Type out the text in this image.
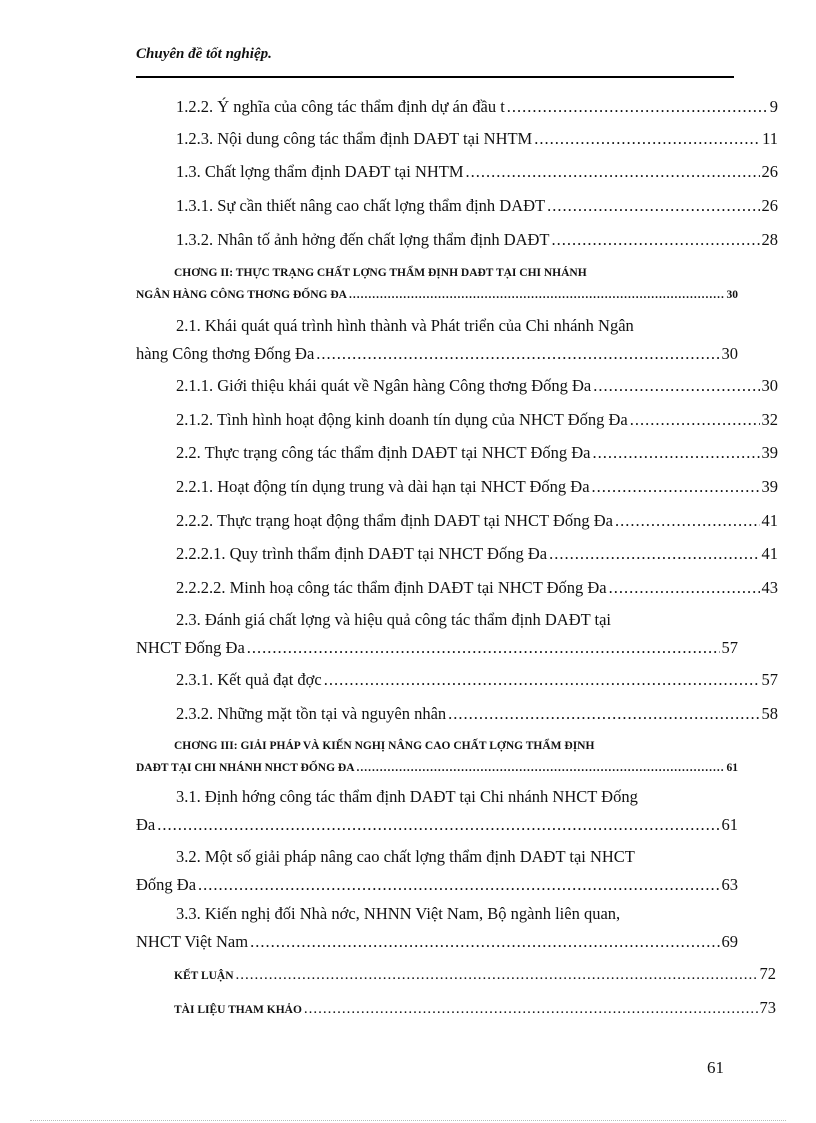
Chuyên đề tốt nghiệp.
1.2.2. Ý nghĩa của công tác thẩm định dự án đầu t .....	9
1.2.3. Nội dung công tác thẩm định DAĐT tại NHTM .....	11
1.3. Chất lợng thẩm định DAĐT tại NHTM .....	26
1.3.1. Sự cần thiết nâng cao chất lợng thẩm định DAĐT .....	26
1.3.2. Nhân tố ảnh hởng đến chất lợng thẩm định DAĐT .....	28
CHƠNG II: THỰC TRẠNG CHẤT LỢNG THẨM ĐỊNH DAĐT TẠI CHI NHÁNH
NGÂN HÀNG CÔNG THƠNG ĐỐNG ĐA .....	30
2.1. Khái quát quá trình hình thành và Phát triển của Chi nhánh Ngân
hàng Công thơng Đống Đa .....	30
2.1.1. Giới thiệu khái quát về Ngân hàng Công thơng Đống Đa .....	30
2.1.2. Tình hình hoạt động kinh doanh tín dụng của NHCT Đống Đa .....	32
2.2. Thực trạng công tác thẩm định DAĐT tại NHCT Đống Đa .....	39
2.2.1. Hoạt động tín dụng trung và dài hạn tại NHCT Đống Đa .....	39
2.2.2. Thực trạng hoạt động thẩm định DAĐT tại NHCT Đống Đa .....	41
2.2.2.1. Quy trình thẩm định DAĐT tại NHCT Đống Đa .....	41
2.2.2.2. Minh hoạ công tác thẩm định DAĐT tại NHCT Đống Đa .....	43
2.3. Đánh giá chất lợng và hiệu quả công tác thẩm định DAĐT tại
NHCT Đống Đa .....	57
2.3.1. Kết quả đạt đợc .....	57
2.3.2. Những mặt tồn tại và nguyên nhân .....	58
CHƠNG III: GIẢI PHÁP VÀ KIẾN NGHỊ NÂNG CAO CHẤT LỢNG THẨM ĐỊNH
DAĐT TẠI CHI NHÁNH NHCT ĐỐNG ĐA .....	61
3.1. Định hớng công tác thẩm định DAĐT tại Chi nhánh NHCT Đống
Đa .....	61
3.2. Một số giải pháp nâng cao chất lợng thẩm định DAĐT tại NHCT
Đống Đa .....	63
3.3. Kiến nghị đối Nhà nớc, NHNN Việt Nam, Bộ ngành liên quan,
NHCT Việt Nam .....	69
KẾT LUẬN .....	72
TÀI LIỆU THAM KHẢO .....	73
61
